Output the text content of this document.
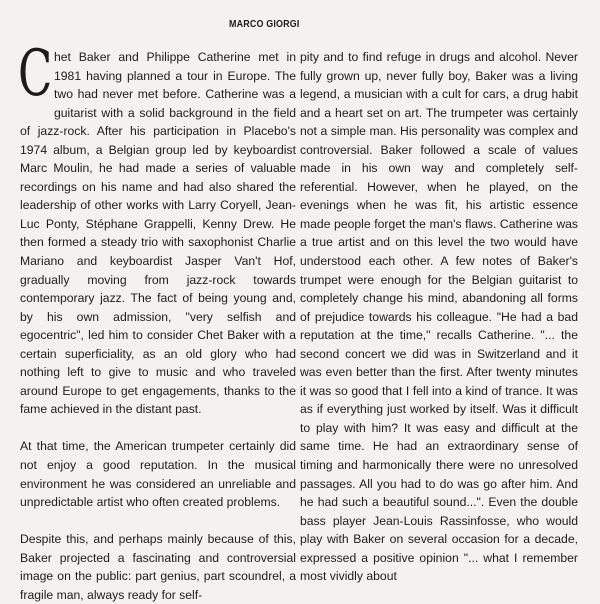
MARCO GIORGI

C het Baker and Philippe Catherine met in 1981 having planned a tour in Europe. The two had never met before. Catherine was a guitarist with a solid background in the field of jazz-rock. After his participation in Placebo's 1974 album, a Belgian group led by keyboardist Marc Moulin, he had made a series of valuable recordings on his name and had also shared the leadership of other works with Larry Coryell, Jean-Luc Ponty, Stéphane Grappelli, Kenny Drew. He then formed a steady trio with saxophonist Charlie Mariano and keyboardist Jasper Van't Hof, gradually moving from jazz-rock towards contemporary jazz. The fact of being young and, by his own admission, "very selfish and egocentric", led him to consider Chet Baker with a certain superficiality, as an old glory who had nothing left to give to music and who traveled around Europe to get engagements, thanks to the fame achieved in the distant past.

At that time, the American trumpeter certainly did not enjoy a good reputation. In the musical environment he was considered an unreliable and unpredictable artist who often created problems.

Despite this, and perhaps mainly because of this, Baker projected a fascinating and controversial image on the public: part genius, part scoundrel, a fragile man, always ready for self-

pity and to find refuge in drugs and alcohol. Never fully grown up, never fully boy, Baker was a living legend, a musician with a cult for cars, a drug habit and a heart set on art. The trumpeter was certainly not a simple man. His personality was complex and controversial. Baker followed a scale of values made in his own way and completely self-referential. However, when he played, on the evenings when he was fit, his artistic essence made people forget the man's flaws. Catherine was a true artist and on this level the two would have understood each other. A few notes of Baker's trumpet were enough for the Belgian guitarist to completely change his mind, abandoning all forms of prejudice towards his colleague. "He had a bad reputation at the time," recalls Catherine. "... the second concert we did was in Switzerland and it was even better than the first. After twenty minutes it was so good that I fell into a kind of trance. It was as if everything just worked by itself. Was it difficult to play with him? It was easy and difficult at the same time. He had an extraordinary sense of timing and harmonically there were no unresolved passages. All you had to do was go after him. And he had such a beautiful sound...". Even the double bass player Jean-Louis Rassinfosse, who would play with Baker on several occasion for a decade, expressed a positive opinion "... what I remember most vividly about
